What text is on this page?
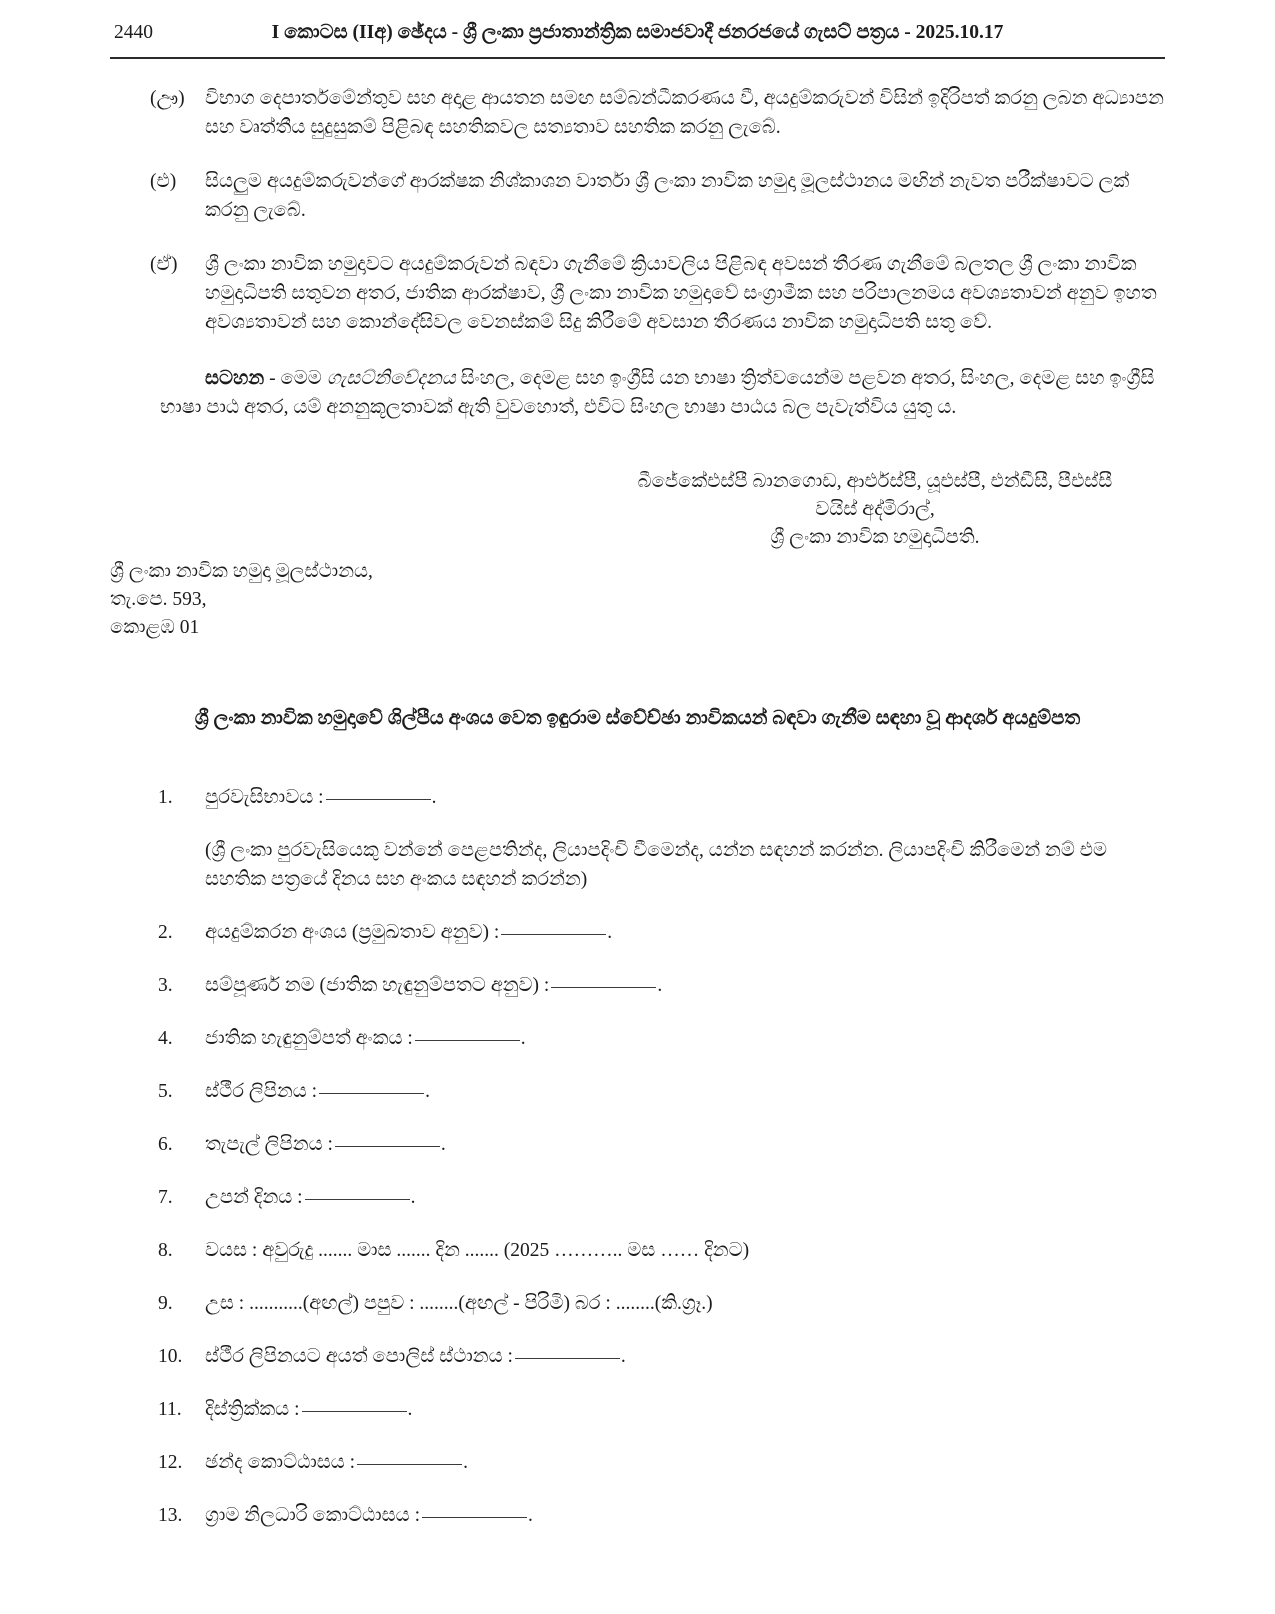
2440	I කොටස (IIඅ) ඡේදය - ශ්‍රී ලංකා ප්‍රජාතාන්ත්‍රික සමාජවාදී ජනරජයේ ගැසට් පත්‍රය - 2025.10.17
(ඌ)	විභාග දෙපාර්තමේන්තුව සහ අදාළ ආයතන සමඟ සම්බන්ධීකරණය වී, අයදුම්කරුවන් විසින් ඉදිරිපත් කරනු ලබන අධ්‍යාපන සහ වෘත්තීය සුදුසුකම් පිළිබඳ සහතිකවල සත්‍යතාව සහතික කරනු ලැබේ.
(එ)	සියලුම අයදුම්කරුවන්ගේ ආරක්ෂක නිශ්කාශන වාර්තා ශ්‍රී ලංකා නාවික හමුදා මූලස්ථානය මඟින් නැවත පරීක්ෂාවට ලක් කරනු ලැබේ.
(ඒ)	ශ්‍රී ලංකා නාවික හමුදාවට අයදුම්කරුවන් බඳවා ගැනීමේ ක්‍රියාවලිය පිළිබඳ අවසන් තීරණ ගැනීමේ බලතල ශ්‍රී ලංකා නාවික හමුදාධිපති සතුවන අතර, ජාතික ආරක්ෂාව, ශ්‍රී ලංකා නාවික හමුදාවේ සංග්‍රාමීක සහ පරිපාලනමය අවශ්‍යතාවන් අනුව ඉහත අවශ්‍යතාවන් සහ කොන්දේසිවල වෙනස්කම් සිදු කිරීමේ අවසාන තීරණය නාවික හමුදාධිපති සතු වේ.
සටහන - මෙම ගැසට්නිවේදනය සිංහල, දෙමළ සහ ඉංග්‍රීසි යන භාෂා ත්‍රිත්වයෙන්ම පළවන අතර, සිංහල, දෙමළ සහ ඉංග්‍රීසි භාෂා පාඨ අතර, යම් අනනුකූලතාවක් ඇති වුවහොත්, එවිට සිංහල භාෂා පාඨය බල පැවැත්විය යුතු ය.
බීජේකේඑස්පී බානගොඩ, ආර්එස්පී, යූඑස්පී, එන්ඩීසී, පීඑස්සී
වයිස් අද්මිරාල්,
ශ්‍රී ලංකා නාවික හමුදාධිපති.
ශ්‍රී ලංකා නාවික හමුදා මූලස්ථානය,
තැ.පෙ. 593,
කොළඹ 01
ශ්‍රී ලංකා නාවික හමුදාවේ ශිල්පීය අංශය වෙත ඉඳුරාම ස්වේච්ඡා නාවිකයන් බඳවා ගැනීම සඳහා වූ ආදර්ශ අයදුම්පත
1.	පුරවැසිභාවය :	.
(ශ්‍රී ලංකා පුරවැසියෙකු වන්නේ පෙළපතින්ද, ලියාපදිංචි වීමෙන්ද, යන්න සඳහන් කරන්න. ලියාපදිංචි කිරීමෙන් නම් එම සහතික පත්‍රයේ දිනය සහ අංකය සඳහන් කරන්න)
2.	අයදුම්කරන අංශය (ප්‍රමුඛතාව අනුව) :	.
3.	සම්පූර්ණ නම (ජාතික හැඳුනුම්පතට අනුව) :	.
4.	ජාතික හැඳුනුම්පත් අංකය :	.
5.	ස්ථීර ලිපිනය :	.
6.	තැපැල් ලිපිනය :	.
7.	උපන් දිනය :	.
8.	වයස : අවුරුදු ....... මාස ....... දින ....... (2025 ……….. මස …… දිනට)
9.	උස : ...........(අඟල්) පපුව : ........(අඟල් - පිරිමි) බර : ........(කි.ග්‍රෑ.)
10.	ස්ථීර ලිපිනයට අයත් පොලිස් ස්ථානය :	.
11.	දිස්ත්‍රික්කය :	.
12.	ඡන්ද කොට්ඨාසය :	.
13.	ග්‍රාම නිලධාරි කොට්ඨාසය :	.
